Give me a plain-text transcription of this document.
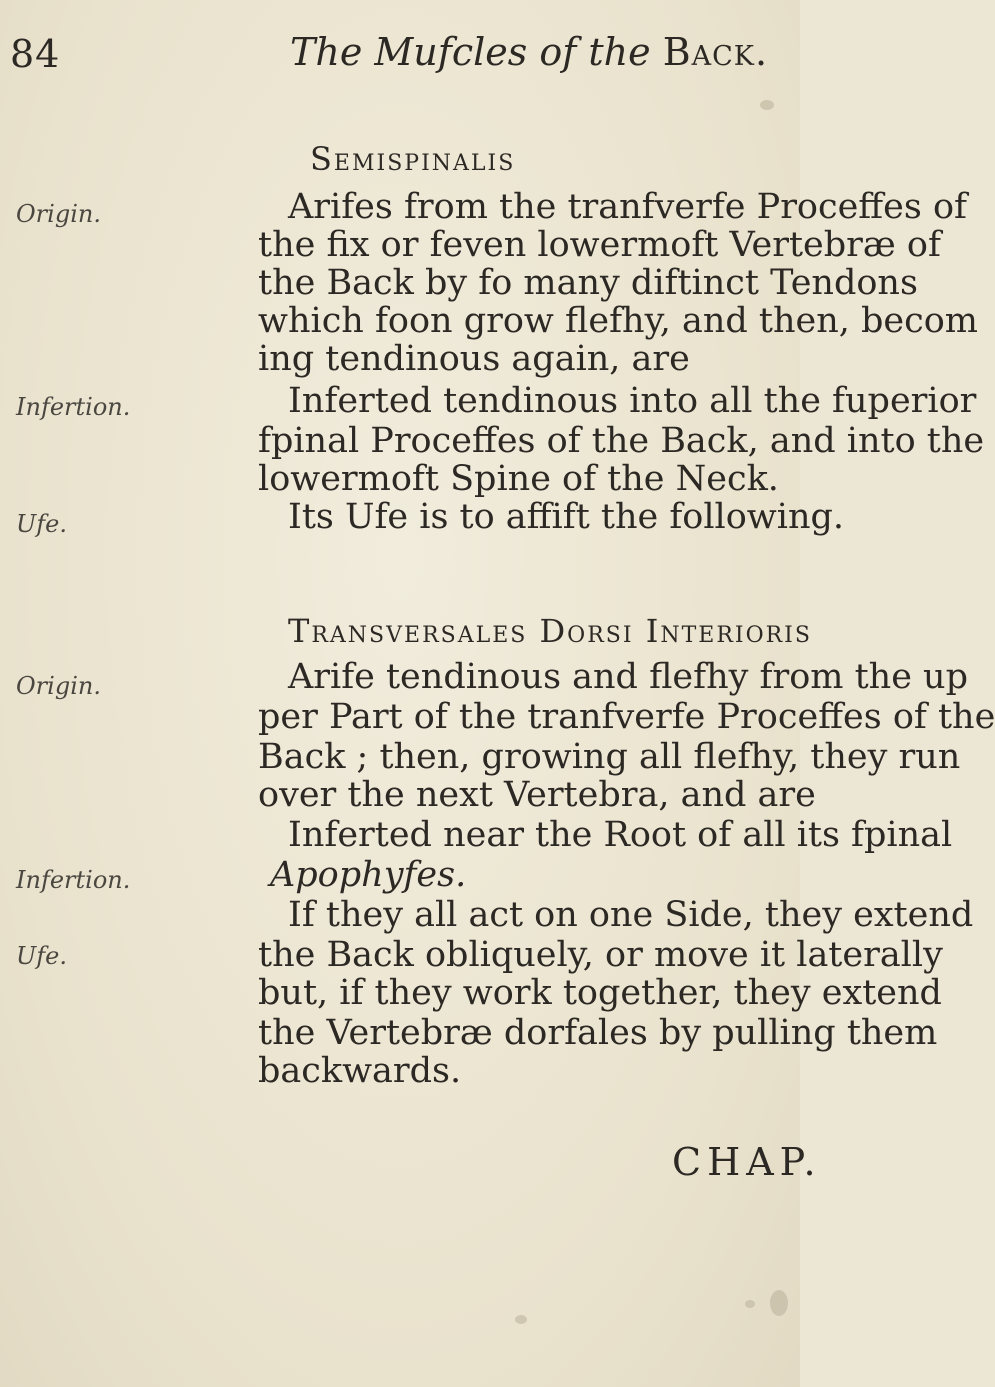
84	The Mufcles of the Back.
Semispinalis
Origin.
Infertion.
Ufe.
Arifes from the tranfverfe Proceffes of
the fix or feven lowermoft Vertebræ of
the Back by fo many diftinct Tendons
which foon grow flefhy, and then, becom
ing tendinous again, are
Inferted tendinous into all the fuperior
fpinal Proceffes of the Back, and into the
lowermoft Spine of the Neck.
Its Ufe is to affift the following.
Transversales Dorsi Interioris
Origin.
Infertion.
Ufe.
Arife tendinous and flefhy from the up
per Part of the tranfverfe Proceffes of the
Back ; then, growing all flefhy, they run
over the next Vertebra, and are
Inferted near the Root of all its fpinal
Apophyfes.
If they all act on one Side, they extend
the Back obliquely, or move it laterally
but, if they work together, they extend
the Vertebræ dorfales by pulling them
backwards.
CHAP.
